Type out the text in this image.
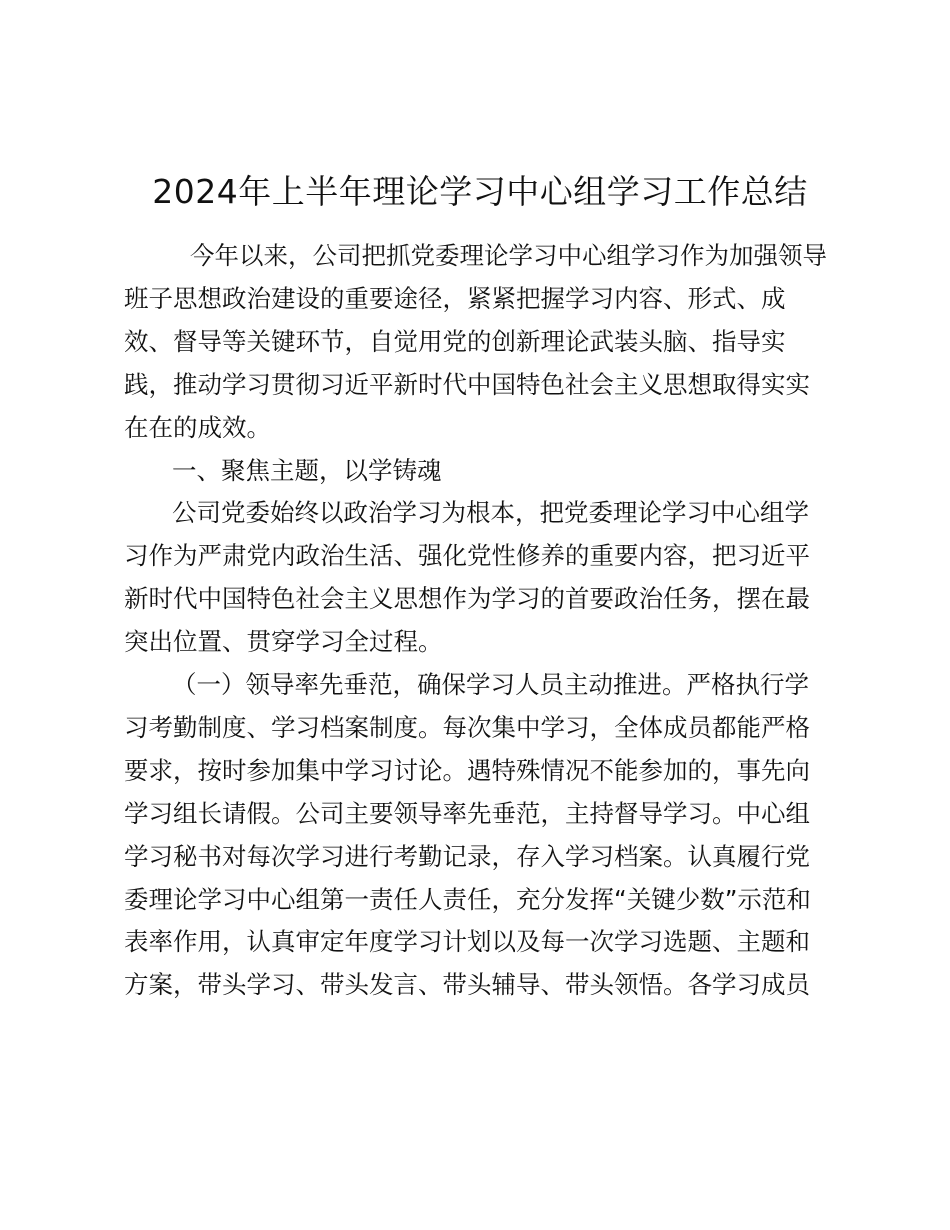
2024年上半年理论学习中心组学习工作总结
今年以来，公司把抓党委理论学习中心组学习作为加强领导
班子思想政治建设的重要途径，紧紧把握学习内容、形式、成
效、督导等关键环节，自觉用党的创新理论武装头脑、指导实
践，推动学习贯彻习近平新时代中国特色社会主义思想取得实实
在在的成效。
一、聚焦主题，以学铸魂
公司党委始终以政治学习为根本，把党委理论学习中心组学
习作为严肃党内政治生活、强化党性修养的重要内容，把习近平
新时代中国特色社会主义思想作为学习的首要政治任务，摆在最
突出位置、贯穿学习全过程。
（一）领导率先垂范，确保学习人员主动推进。严格执行学
习考勤制度、学习档案制度。每次集中学习，全体成员都能严格
要求，按时参加集中学习讨论。遇特殊情况不能参加的，事先向
学习组长请假。公司主要领导率先垂范，主持督导学习。中心组
学习秘书对每次学习进行考勤记录，存入学习档案。认真履行党
委理论学习中心组第一责任人责任，充分发挥“关键少数”示范和
表率作用，认真审定年度学习计划以及每一次学习选题、主题和
方案，带头学习、带头发言、带头辅导、带头领悟。各学习成员
